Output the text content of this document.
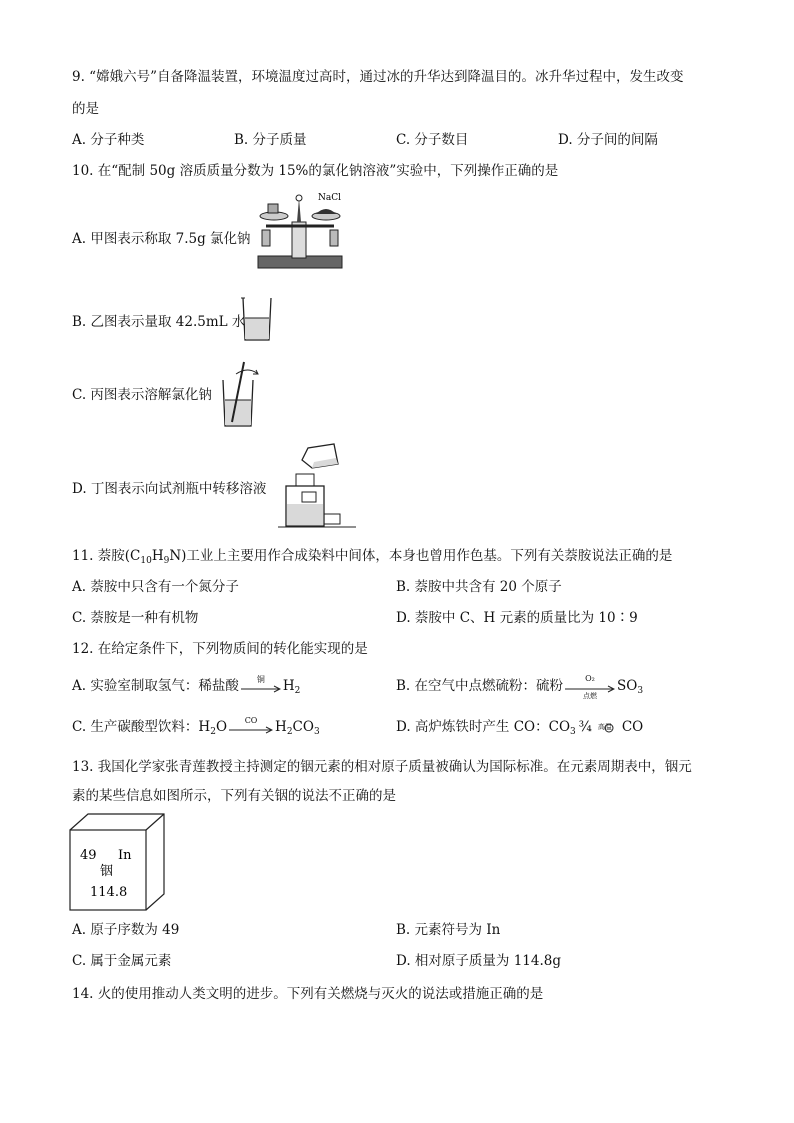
9. “嫦娥六号”自备降温装置，环境温度过高时，通过冰的升华达到降温目的。冰升华过程中，发生改变
的是
A. 分子种类	B. 分子质量	C. 分子数目	D. 分子间的间隔
10. 在“配制 50g 溶质质量分数为 15%的氯化钠溶液”实验中，下列操作正确的是
A. 甲图表示称取 7.5g 氯化钠
NaCl
B. 乙图表示量取 42.5mL 水
C. 丙图表示溶解氯化钠
D. 丁图表示向试剂瓶中转移溶液
11. 萘胺$(C_{10}H_9N)$工业上主要用作合成染料中间体，本身也曾用作色基。下列有关萘胺说法正确的是
A. 萘胺中只含有一个氮分子	B. 萘胺中共含有 20 个原子
C. 萘胺是一种有机物	D. 萘胺中 C、H 元素的质量比为 10∶9
12. 在给定条件下，下列物质间的转化能实现的是
A. 实验室制取氢气：稀盐酸	铜	$H_2$	B. 在空气中点燃硫粉：硫粉	O₂
点燃
$SO_3$
C. 生产碳酸型饮料：$H_2O$	CO	$H_2CO_3$	D. 高炉炼铁时产生 CO：$CO_3$ ¾ 高温 CO
13. 我国化学家张青莲教授主持测定的铟元素的相对原子质量被确认为国际标准。在元素周期表中，铟元
素的某些信息如图所示，下列有关铟的说法不正确的是
49 In
铟
114.8
A. 原子序数为 49	B. 元素符号为 In
C. 属于金属元素	D. 相对原子质量为 114.8g
14. 火的使用推动人类文明的进步。下列有关燃烧与灭火的说法或措施正确的是
